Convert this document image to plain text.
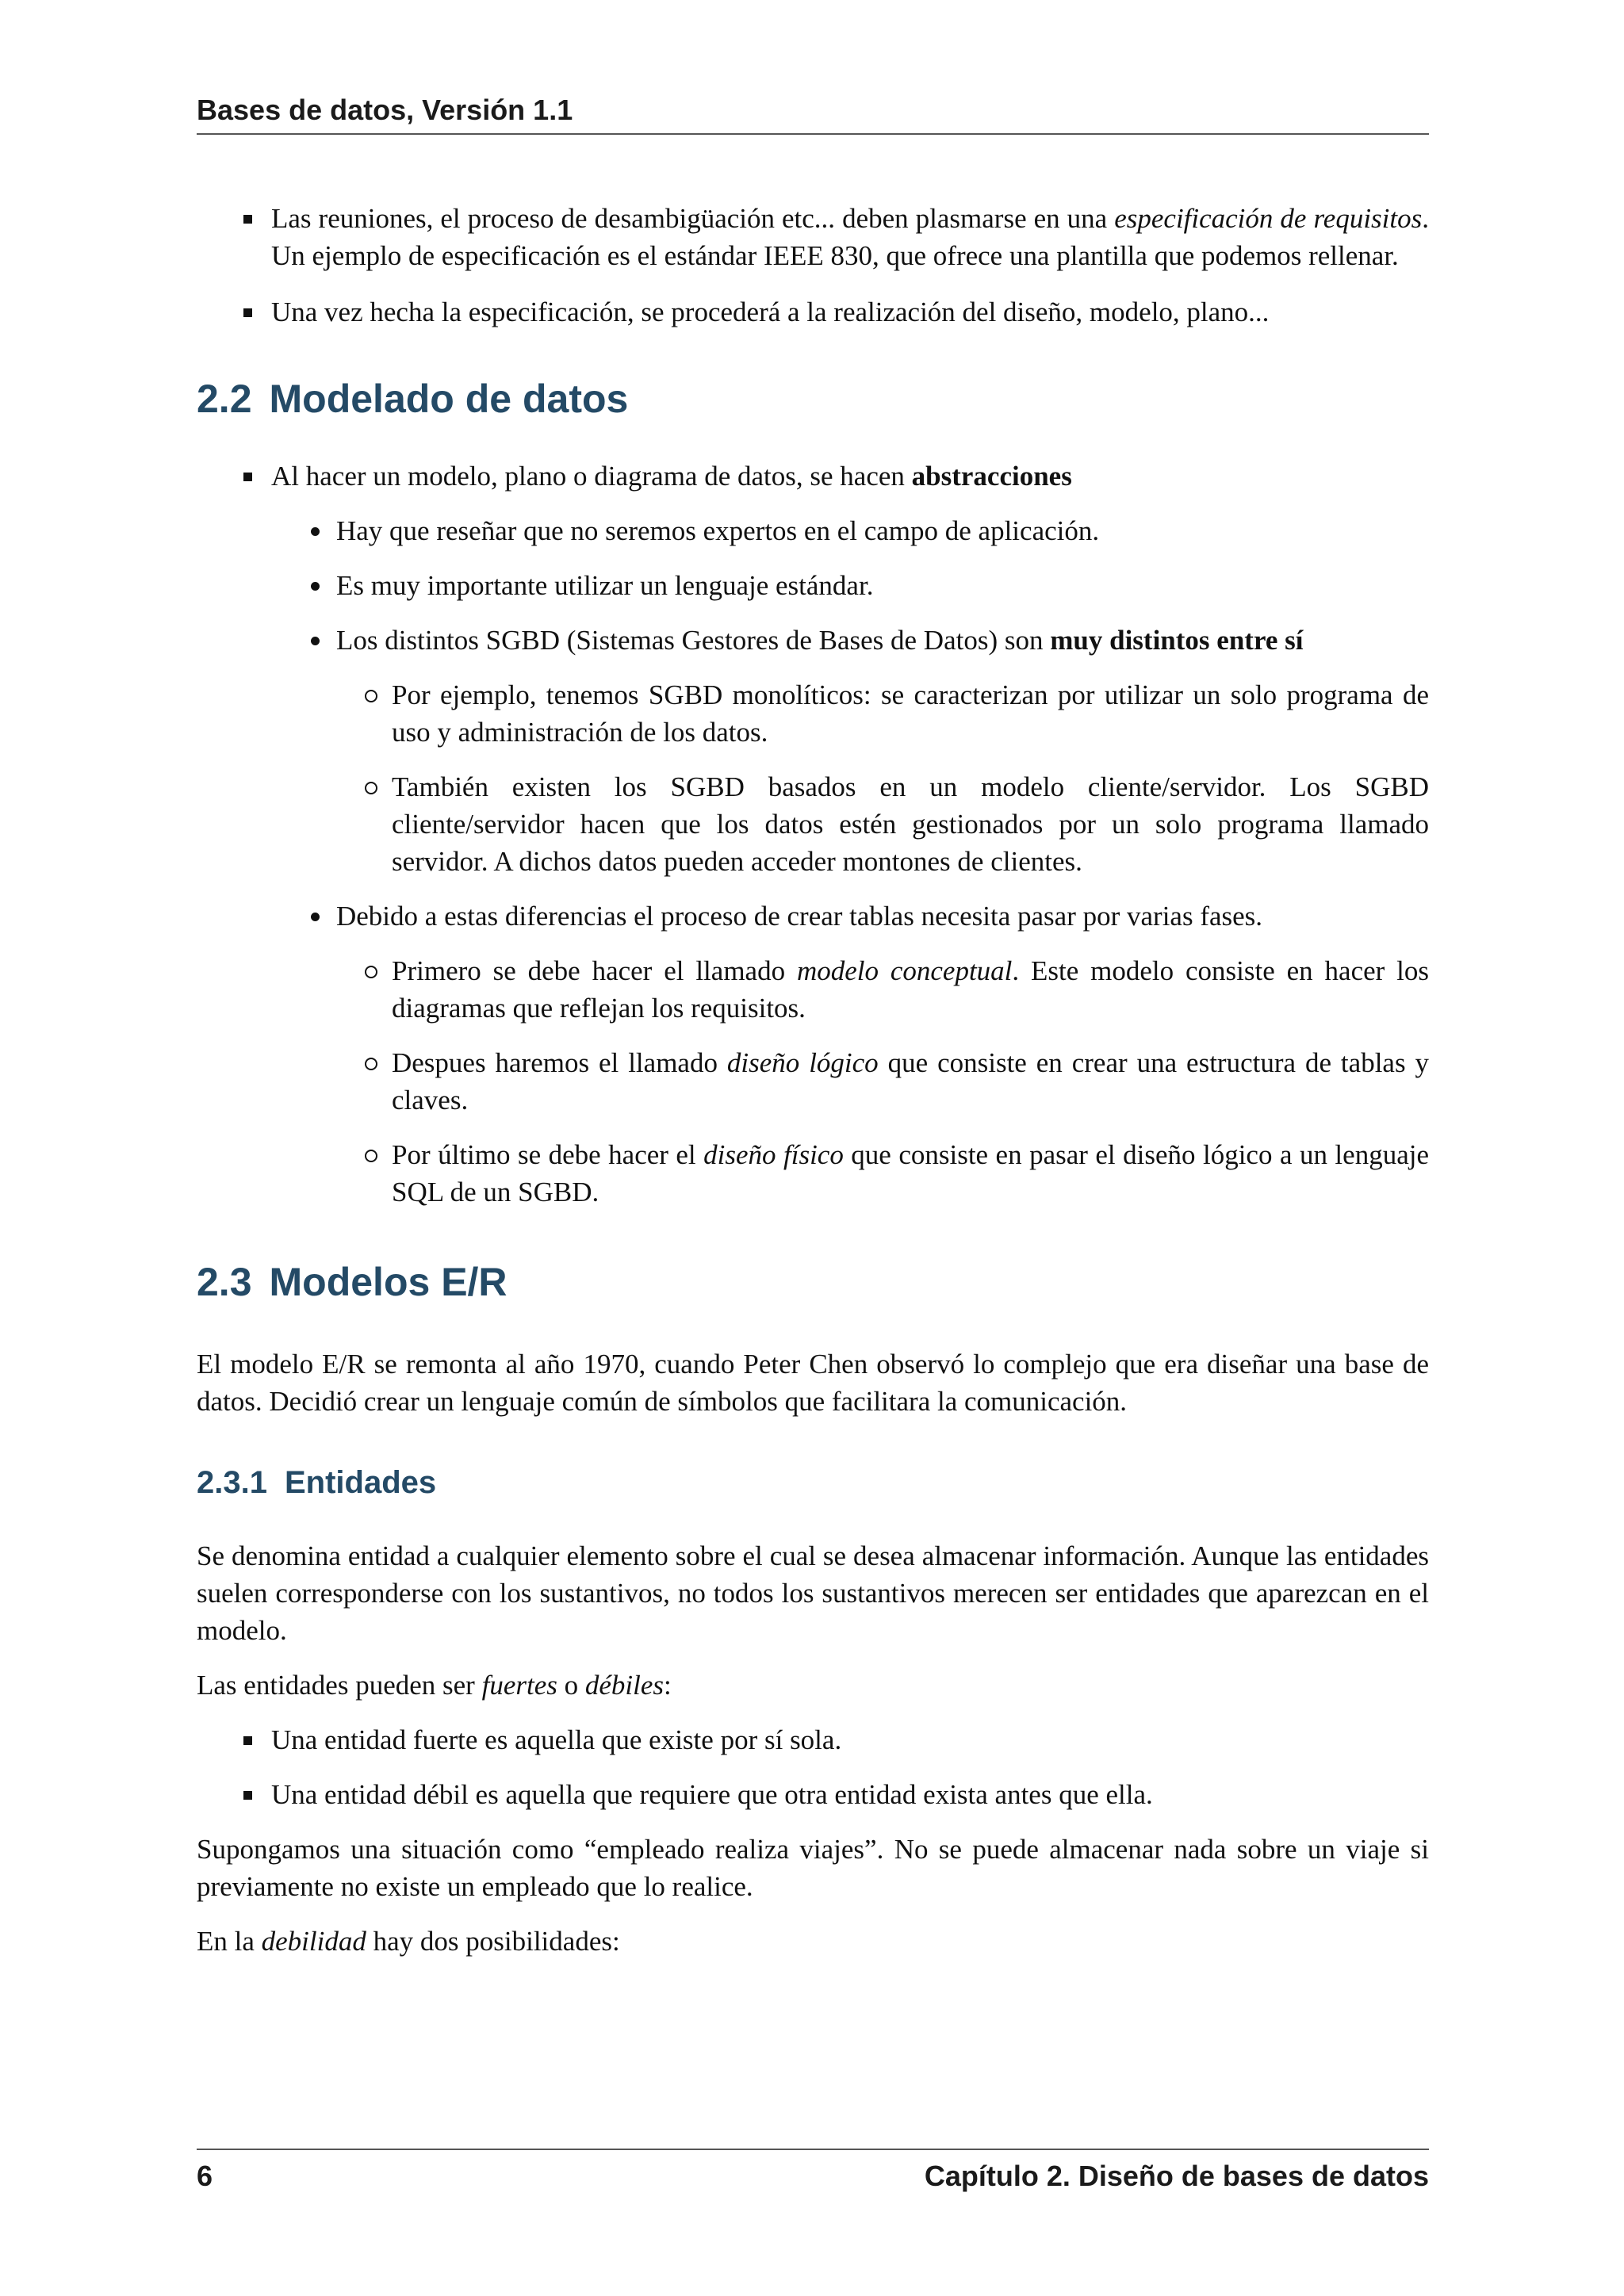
Bases de datos, Versión 1.1

Las reuniones, el proceso de desambigüación etc... deben plasmarse en una especificación de requisitos. Un ejemplo de especificación es el estándar IEEE 830, que ofrece una plantilla que podemos rellenar.

Una vez hecha la especificación, se procederá a la realización del diseño, modelo, plano...

2.2 Modelado de datos

Al hacer un modelo, plano o diagrama de datos, se hacen abstracciones

Hay que reseñar que no seremos expertos en el campo de aplicación.

Es muy importante utilizar un lenguaje estándar.

Los distintos SGBD (Sistemas Gestores de Bases de Datos) son muy distintos entre sí

Por ejemplo, tenemos SGBD monolíticos: se caracterizan por utilizar un solo programa de uso y administración de los datos.

También existen los SGBD basados en un modelo cliente/servidor. Los SGBD cliente/servidor hacen que los datos estén gestionados por un solo programa llamado servidor. A dichos datos pueden acceder montones de clientes.

Debido a estas diferencias el proceso de crear tablas necesita pasar por varias fases.

Primero se debe hacer el llamado modelo conceptual. Este modelo consiste en hacer los diagramas que reflejan los requisitos.

Despues haremos el llamado diseño lógico que consiste en crear una estructura de tablas y claves.

Por último se debe hacer el diseño físico que consiste en pasar el diseño lógico a un lenguaje SQL de un SGBD.

2.3 Modelos E/R

El modelo E/R se remonta al año 1970, cuando Peter Chen observó lo complejo que era diseñar una base de datos. Decidió crear un lenguaje común de símbolos que facilitara la comunicación.

2.3.1 Entidades

Se denomina entidad a cualquier elemento sobre el cual se desea almacenar información. Aunque las entidades suelen corresponderse con los sustantivos, no todos los sustantivos merecen ser entidades que aparezcan en el modelo.

Las entidades pueden ser fuertes o débiles:

Una entidad fuerte es aquella que existe por sí sola.

Una entidad débil es aquella que requiere que otra entidad exista antes que ella.

Supongamos una situación como “empleado realiza viajes”. No se puede almacenar nada sobre un viaje si previamente no existe un empleado que lo realice.

En la debilidad hay dos posibilidades:

6	Capítulo 2. Diseño de bases de datos
